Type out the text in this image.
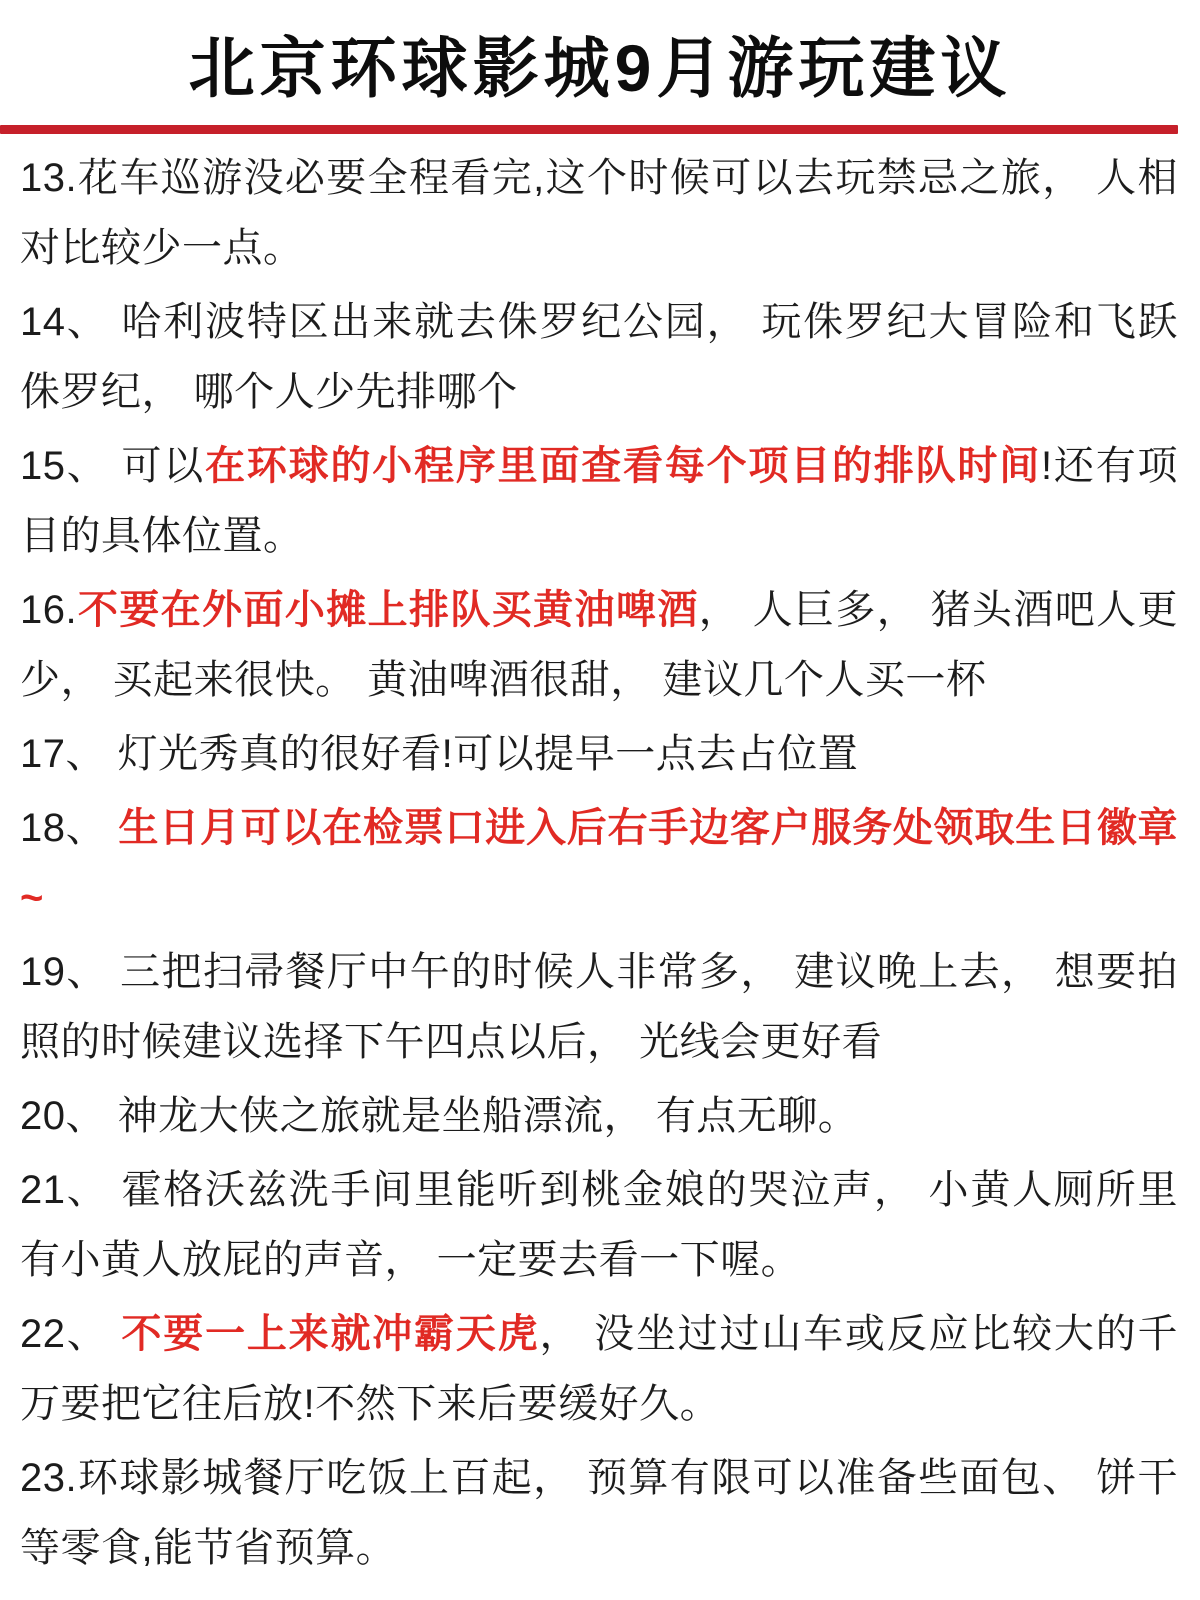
北京环球影城9月游玩建议

13.花车巡游没必要全程看完,这个时候可以去玩禁忌之旅， 人相对比较少一点。

14、 哈利波特区出来就去侏罗纪公园， 玩侏罗纪大冒险和飞跃侏罗纪， 哪个人少先排哪个

15、 可以在环球的小程序里面查看每个项目的排队时间!还有项目的具体位置。

16.不要在外面小摊上排队买黄油啤酒， 人巨多， 猪头酒吧人更少， 买起来很快。 黄油啤酒很甜， 建议几个人买一杯

17、 灯光秀真的很好看!可以提早一点去占位置

18、 生日月可以在检票口进入后右手边客户服务处领取生日徽章~

19、 三把扫帚餐厅中午的时候人非常多， 建议晚上去， 想要拍照的时候建议选择下午四点以后， 光线会更好看

20、 神龙大侠之旅就是坐船漂流， 有点无聊。

21、 霍格沃兹洗手间里能听到桃金娘的哭泣声， 小黄人厕所里有小黄人放屁的声音， 一定要去看一下喔。

22、 不要一上来就冲霸天虎， 没坐过过山车或反应比较大的千万要把它往后放!不然下来后要缓好久。

23.环球影城餐厅吃饭上百起， 预算有限可以准备些面包、 饼干等零食,能节省预算。
